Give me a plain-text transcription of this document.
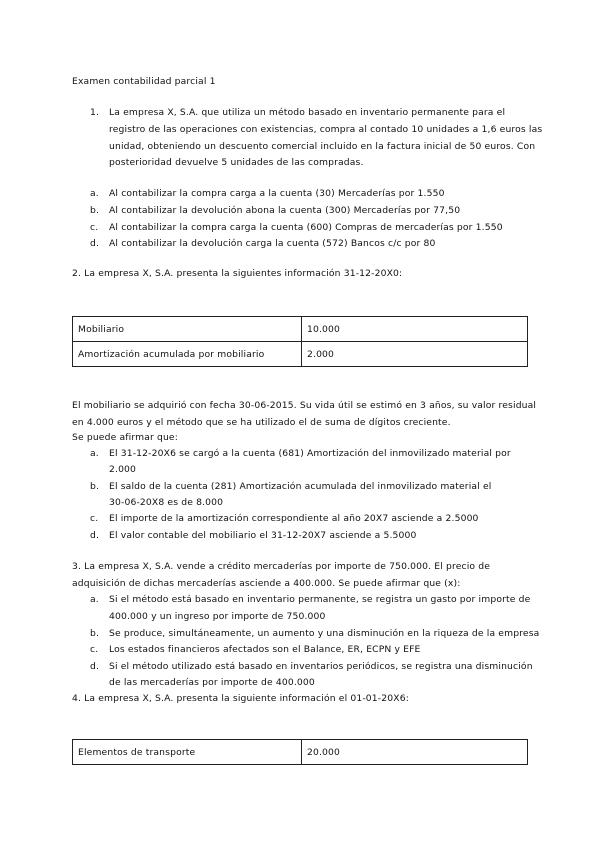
Examen contabilidad parcial 1
1. La empresa X, S.A. que utiliza un método basado en inventario permanente para el
registro de las operaciones con existencias, compra al contado 10 unidades a 1,6 euros las
unidad, obteniendo un descuento comercial incluido en la factura inicial de 50 euros. Con
posterioridad devuelve 5 unidades de las compradas.
a. Al contabilizar la compra carga a la cuenta (30) Mercaderías por 1.550
b. Al contabilizar la devolución abona la cuenta (300) Mercaderías por 77,50
c. Al contabilizar la compra carga la cuenta (600) Compras de mercaderías por 1.550
d. Al contabilizar la devolución carga la cuenta (572) Bancos c/c por 80
2. La empresa X, S.A. presenta la siguientes información 31-12-20X0:
Mobiliario	10.000
Amortización acumulada por mobiliario	2.000
El mobiliario se adquirió con fecha 30-06-2015. Su vida útil se estimó en 3 años, su valor residual
en 4.000 euros y el método que se ha utilizado el de suma de dígitos creciente.
Se puede afirmar que:
a. El 31-12-20X6 se cargó a la cuenta (681) Amortización del inmovilizado material por
2.000
b. El saldo de la cuenta (281) Amortización acumulada del inmovilizado material el
30-06-20X8 es de 8.000
c. El importe de la amortización correspondiente al año 20X7 asciende a 2.5000
d. El valor contable del mobiliario el 31-12-20X7 asciende a 5.5000
3. La empresa X, S.A. vende a crédito mercaderías por importe de 750.000. El precio de
adquisición de dichas mercaderías asciende a 400.000. Se puede afirmar que (x):
a. Si el método está basado en inventario permanente, se registra un gasto por importe de
400.000 y un ingreso por importe de 750.000
b. Se produce, simultáneamente, un aumento y una disminución en la riqueza de la empresa
c. Los estados financieros afectados son el Balance, ER, ECPN y EFE
d. Si el método utilizado está basado en inventarios periódicos, se registra una disminución
de las mercaderías por importe de 400.000
4. La empresa X, S.A. presenta la siguiente información el 01-01-20X6:
Elementos de transporte	20.000
